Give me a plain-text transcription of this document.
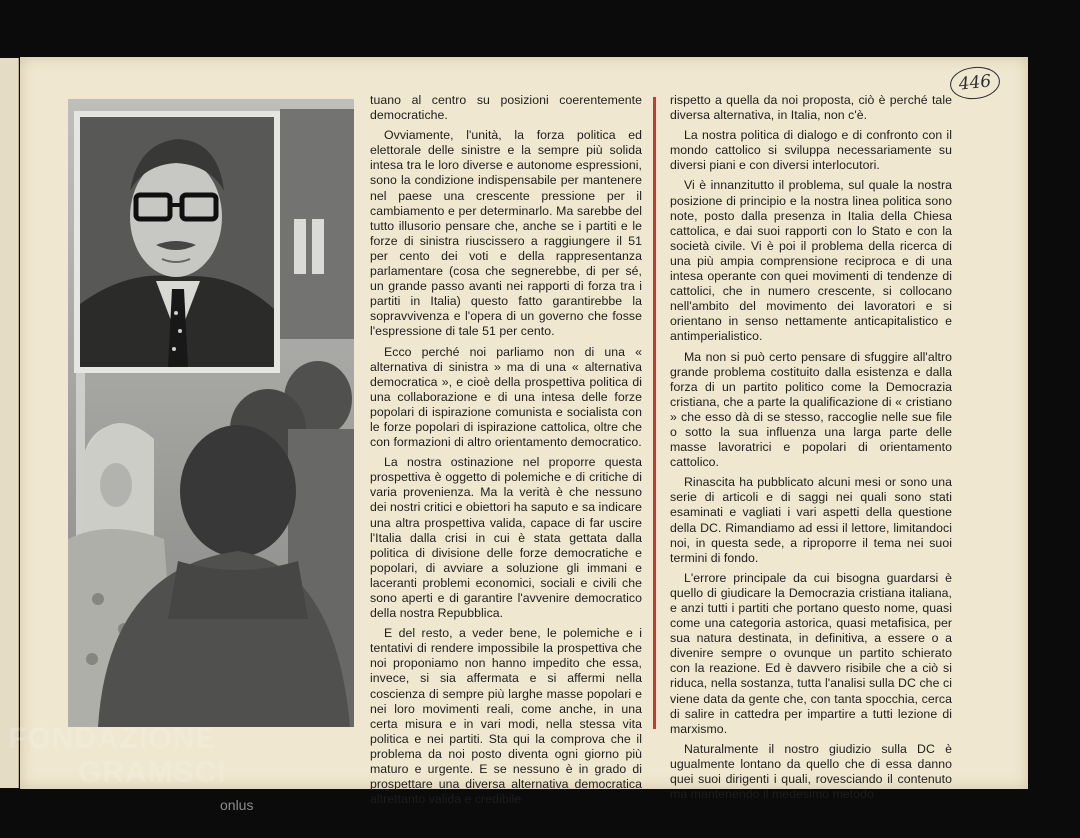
446

tuano al centro su posizioni coerentemente democratiche.

Ovviamente, l'unità, la forza politica ed elettorale delle sinistre e la sempre più solida intesa tra le loro diverse e autonome espressioni, sono la condizione indispensabile per mantenere nel paese una crescente pressione per il cambiamento e per determinarlo. Ma sarebbe del tutto illusorio pensare che, anche se i partiti e le forze di sinistra riuscissero a raggiungere il 51 per cento dei voti e della rappresentanza parlamentare (cosa che segnerebbe, di per sé, un grande passo avanti nei rapporti di forza tra i partiti in Italia) questo fatto garantirebbe la sopravvivenza e l'opera di un governo che fosse l'espressione di tale 51 per cento.

Ecco perché noi parliamo non di una « alternativa di sinistra » ma di una « alternativa democratica », e cioè della prospettiva politica di una collaborazione e di una intesa delle forze popolari di ispirazione comunista e socialista con le forze popolari di ispirazione cattolica, oltre che con formazioni di altro orientamento democratico.

La nostra ostinazione nel proporre questa prospettiva è oggetto di polemiche e di critiche di varia provenienza. Ma la verità è che nessuno dei nostri critici e obiettori ha saputo e sa indicare una altra prospettiva valida, capace di far uscire l'Italia dalla crisi in cui è stata gettata dalla politica di divisione delle forze democratiche e popolari, di avviare a soluzione gli immani e laceranti problemi economici, sociali e civili che sono aperti e di garantire l'avvenire democratico della nostra Repubblica.

E del resto, a veder bene, le polemiche e i tentativi di rendere impossibile la prospettiva che noi proponiamo non hanno impedito che essa, invece, si sia affermata e si affermi nella coscienza di sempre più larghe masse popolari e nei loro movimenti reali, come anche, in una certa misura e in vari modi, nella stessa vita politica e nei partiti. Sta qui la comprova che il problema da noi posto diventa ogni giorno più maturo e urgente. E se nessuno è in grado di prospettare una diversa alternativa democratica altrettanto valida e credibile

rispetto a quella da noi proposta, ciò è perché tale diversa alternativa, in Italia, non c'è.

La nostra politica di dialogo e di confronto con il mondo cattolico si sviluppa necessariamente su diversi piani e con diversi interlocutori.

Vi è innanzitutto il problema, sul quale la nostra posizione di principio e la nostra linea politica sono note, posto dalla presenza in Italia della Chiesa cattolica, e dai suoi rapporti con lo Stato e con la società civile. Vi è poi il problema della ricerca di una più ampia comprensione reciproca e di una intesa operante con quei movimenti di tendenze di cattolici, che in numero crescente, si collocano nell'ambito del movimento dei lavoratori e si orientano in senso nettamente anticapitalistico e antimperialistico.

Ma non si può certo pensare di sfuggire all'altro grande problema costituito dalla esistenza e dalla forza di un partito politico come la Democrazia cristiana, che a parte la qualificazione di « cristiano » che esso dà di se stesso, raccoglie nelle sue file o sotto la sua influenza una larga parte delle masse lavoratrici e popolari di orientamento cattolico.

Rinascita ha pubblicato alcuni mesi or sono una serie di articoli e di saggi nei quali sono stati esaminati e vagliati i vari aspetti della questione della DC. Rimandiamo ad essi il lettore, limitandoci noi, in questa sede, a riproporre il tema nei suoi termini di fondo.

L'errore principale da cui bisogna guardarsi è quello di giudicare la Democrazia cristiana italiana, e anzi tutti i partiti che portano questo nome, quasi come una categoria astorica, quasi metafisica, per sua natura destinata, in definitiva, a essere o a divenire sempre o ovunque un partito schierato con la reazione. Ed è davvero risibile che a ciò si riduca, nella sostanza, tutta l'analisi sulla DC che ci viene data da gente che, con tanta spocchia, cerca di salire in cattedra per impartire a tutti lezione di marxismo.

Naturalmente il nostro giudizio sulla DC è ugualmente lontano da quello che di essa danno quei suoi dirigenti i quali, rovesciando il contenuto ma mantenendo il medesimo metodo

FONDAZIONE
GRAMSCI
onlus
